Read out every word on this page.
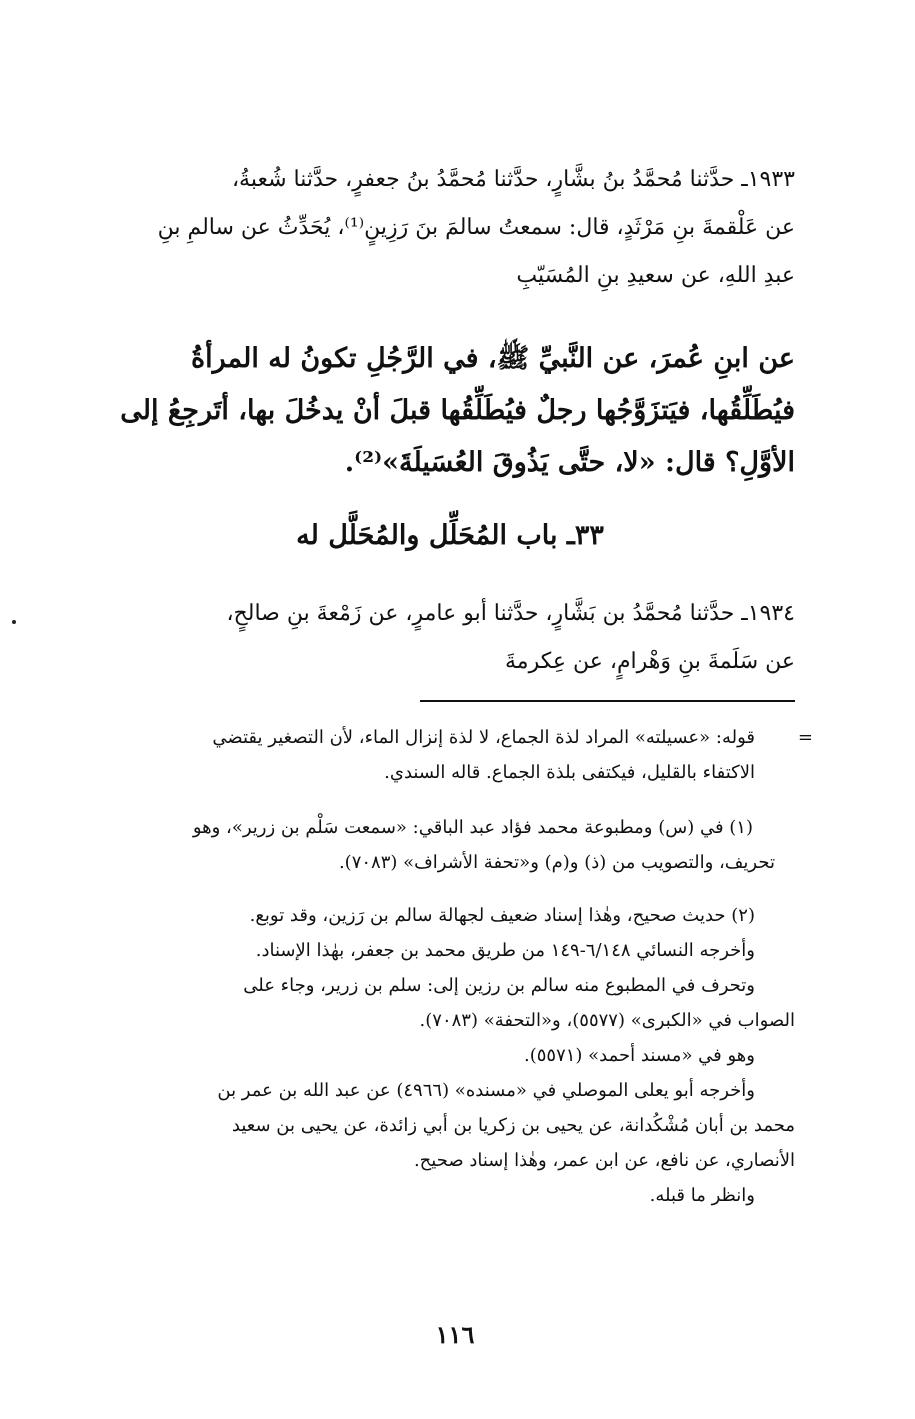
١٩٣٣ـ حدَّثنا مُحمَّدُ بنُ بشَّارٍ، حدَّثنا مُحمَّدُ بنُ جعفرٍ، حدَّثنا شُعبةُ،
عن عَلْقمةَ بنِ مَرْثَدٍ، قال: سمعتُ سالمَ بنَ رَزِينٍ⁽¹⁾، يُحَدِّثُ عن سالمِ بنِ
عبدِ اللهِ، عن سعيدِ بنِ المُسَيّبِ
عن ابنِ عُمرَ، عن النَّبيِّ ﷺ، في الرَّجُلِ تكونُ له المرأةُ
فيُطَلِّقُها، فيَتزَوَّجُها رجلٌ فيُطَلِّقُها قبلَ أنْ يدخُلَ بها، أتَرجِعُ إلى
الأوَّلِ؟ قال: «لا، حتَّى يَذُوقَ العُسَيلَةَ»⁽²⁾.
٣٣ـ باب المُحَلِّل والمُحَلَّل له
١٩٣٤ـ حدَّثنا مُحمَّدُ بن بَشَّارٍ، حدَّثنا أبو عامرٍ، عن زَمْعةَ بنِ صالحٍ،
عن سَلَمةَ بنِ وَهْرامٍ، عن عِكرمةَ
=
قوله: «عسيلته» المراد لذة الجماع، لا لذة إنزال الماء، لأن التصغير يقتضي
الاكتفاء بالقليل، فيكتفى بلذة الجماع. قاله السندي.
(١) في (س) ومطبوعة محمد فؤاد عبد الباقي: «سمعت سَلْم بن زرير»، وهو
تحريف، والتصويب من (ذ) و(م) و«تحفة الأشراف» (٧٠٨٣).
(٢) حديث صحيح، وهٰذا إسناد ضعيف لجهالة سالم بن رَزين، وقد توبع.
وأخرجه النسائي ٦/١٤٨-١٤٩ من طريق محمد بن جعفر، بهٰذا الإسناد.
وتحرف في المطبوع منه سالم بن رزين إلى: سلم بن زرير، وجاء على
الصواب في «الكبرى» (٥٥٧٧)، و«التحفة» (٧٠٨٣).
وهو في «مسند أحمد» (٥٥٧١).
وأخرجه أبو يعلى الموصلي في «مسنده» (٤٩٦٦) عن عبد الله بن عمر بن
محمد بن أبان مُشْكُدانة، عن يحيى بن زكريا بن أبي زائدة، عن يحيى بن سعيد
الأنصاري، عن نافع، عن ابن عمر، وهٰذا إسناد صحيح.
وانظر ما قبله.
١١٦
